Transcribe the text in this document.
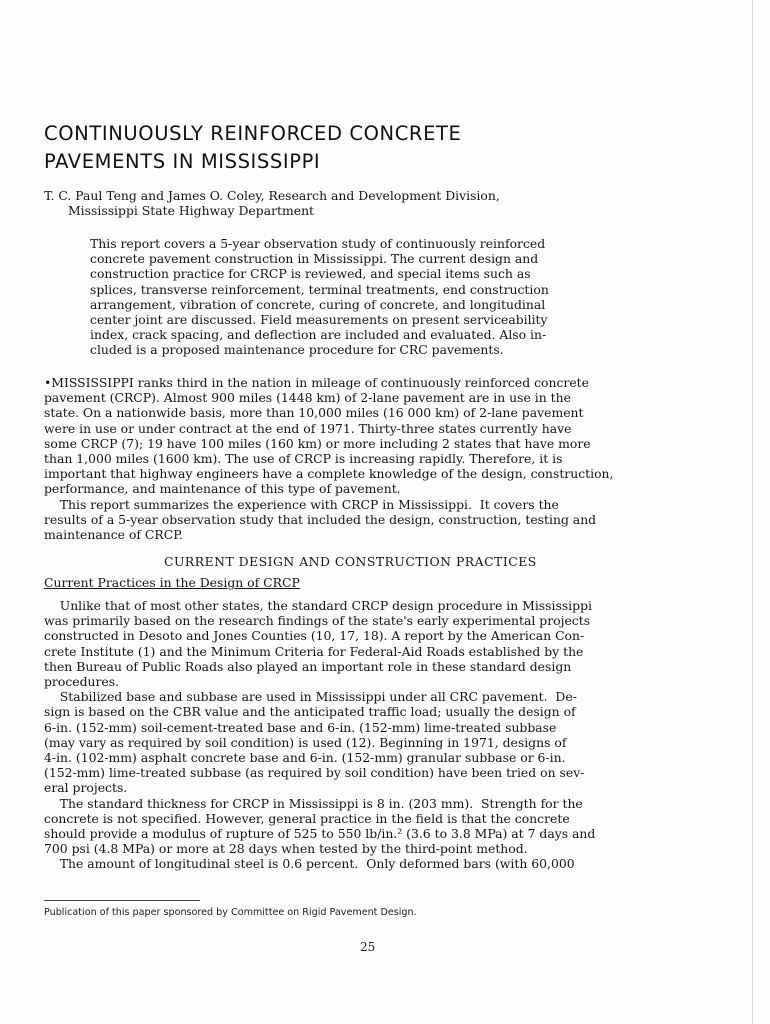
CONTINUOUSLY REINFORCED CONCRETE
PAVEMENTS IN MISSISSIPPI
T. C. Paul Teng and James O. Coley, Research and Development Division,
Mississippi State Highway Department
This report covers a 5-year observation study of continuously reinforced
concrete pavement construction in Mississippi. The current design and
construction practice for CRCP is reviewed, and special items such as
splices, transverse reinforcement, terminal treatments, end construction
arrangement, vibration of concrete, curing of concrete, and longitudinal
center joint are discussed. Field measurements on present serviceability
index, crack spacing, and deflection are included and evaluated. Also in-
cluded is a proposed maintenance procedure for CRC pavements.
•MISSISSIPPI ranks third in the nation in mileage of continuously reinforced concrete
pavement (CRCP). Almost 900 miles (1448 km) of 2-lane pavement are in use in the
state. On a nationwide basis, more than 10,000 miles (16 000 km) of 2-lane pavement
were in use or under contract at the end of 1971. Thirty-three states currently have
some CRCP (7); 19 have 100 miles (160 km) or more including 2 states that have more
than 1,000 miles (1600 km). The use of CRCP is increasing rapidly. Therefore, it is
important that highway engineers have a complete knowledge of the design, construction,
performance, and maintenance of this type of pavement.
This report summarizes the experience with CRCP in Mississippi.  It covers the
results of a 5-year observation study that included the design, construction, testing and
maintenance of CRCP.
CURRENT DESIGN AND CONSTRUCTION PRACTICES
Current Practices in the Design of CRCP
Unlike that of most other states, the standard CRCP design procedure in Mississippi
was primarily based on the research findings of the state's early experimental projects
constructed in Desoto and Jones Counties (10, 17, 18). A report by the American Con-
crete Institute (1) and the Minimum Criteria for Federal-Aid Roads established by the
then Bureau of Public Roads also played an important role in these standard design
procedures.
Stabilized base and subbase are used in Mississippi under all CRC pavement.  De-
sign is based on the CBR value and the anticipated traffic load; usually the design of
6-in. (152-mm) soil-cement-treated base and 6-in. (152-mm) lime-treated subbase
(may vary as required by soil condition) is used (12). Beginning in 1971, designs of
4-in. (102-mm) asphalt concrete base and 6-in. (152-mm) granular subbase or 6-in.
(152-mm) lime-treated subbase (as required by soil condition) have been tried on sev-
eral projects.
The standard thickness for CRCP in Mississippi is 8 in. (203 mm).  Strength for the
concrete is not specified. However, general practice in the field is that the concrete
should provide a modulus of rupture of 525 to 550 lb/in.² (3.6 to 3.8 MPa) at 7 days and
700 psi (4.8 MPa) or more at 28 days when tested by the third-point method.
The amount of longitudinal steel is 0.6 percent.  Only deformed bars (with 60,000
Publication of this paper sponsored by Committee on Rigid Pavement Design.
25
